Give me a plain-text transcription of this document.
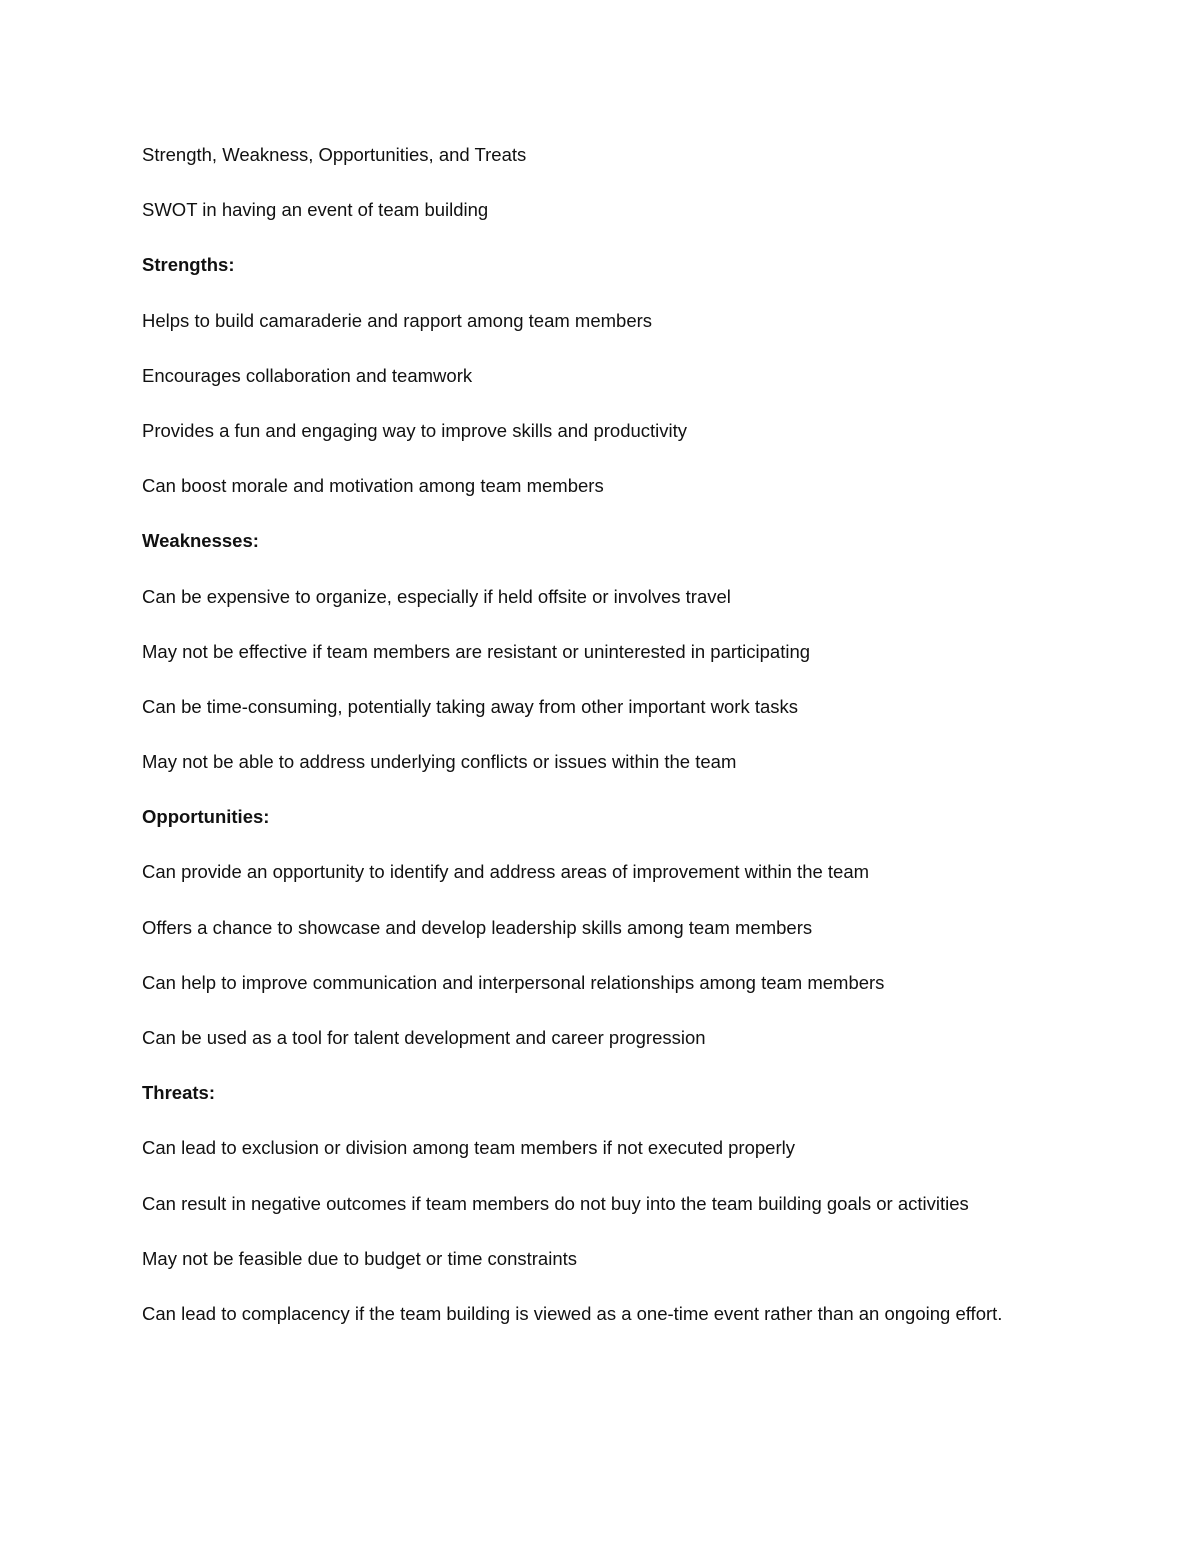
Strength, Weakness, Opportunities, and Treats
SWOT in having an event of team building
Strengths:
Helps to build camaraderie and rapport among team members
Encourages collaboration and teamwork
Provides a fun and engaging way to improve skills and productivity
Can boost morale and motivation among team members
Weaknesses:
Can be expensive to organize, especially if held offsite or involves travel
May not be effective if team members are resistant or uninterested in participating
Can be time-consuming, potentially taking away from other important work tasks
May not be able to address underlying conflicts or issues within the team
Opportunities:
Can provide an opportunity to identify and address areas of improvement within the team
Offers a chance to showcase and develop leadership skills among team members
Can help to improve communication and interpersonal relationships among team members
Can be used as a tool for talent development and career progression
Threats:
Can lead to exclusion or division among team members if not executed properly
Can result in negative outcomes if team members do not buy into the team building goals or activities
May not be feasible due to budget or time constraints
Can lead to complacency if the team building is viewed as a one-time event rather than an ongoing effort.
